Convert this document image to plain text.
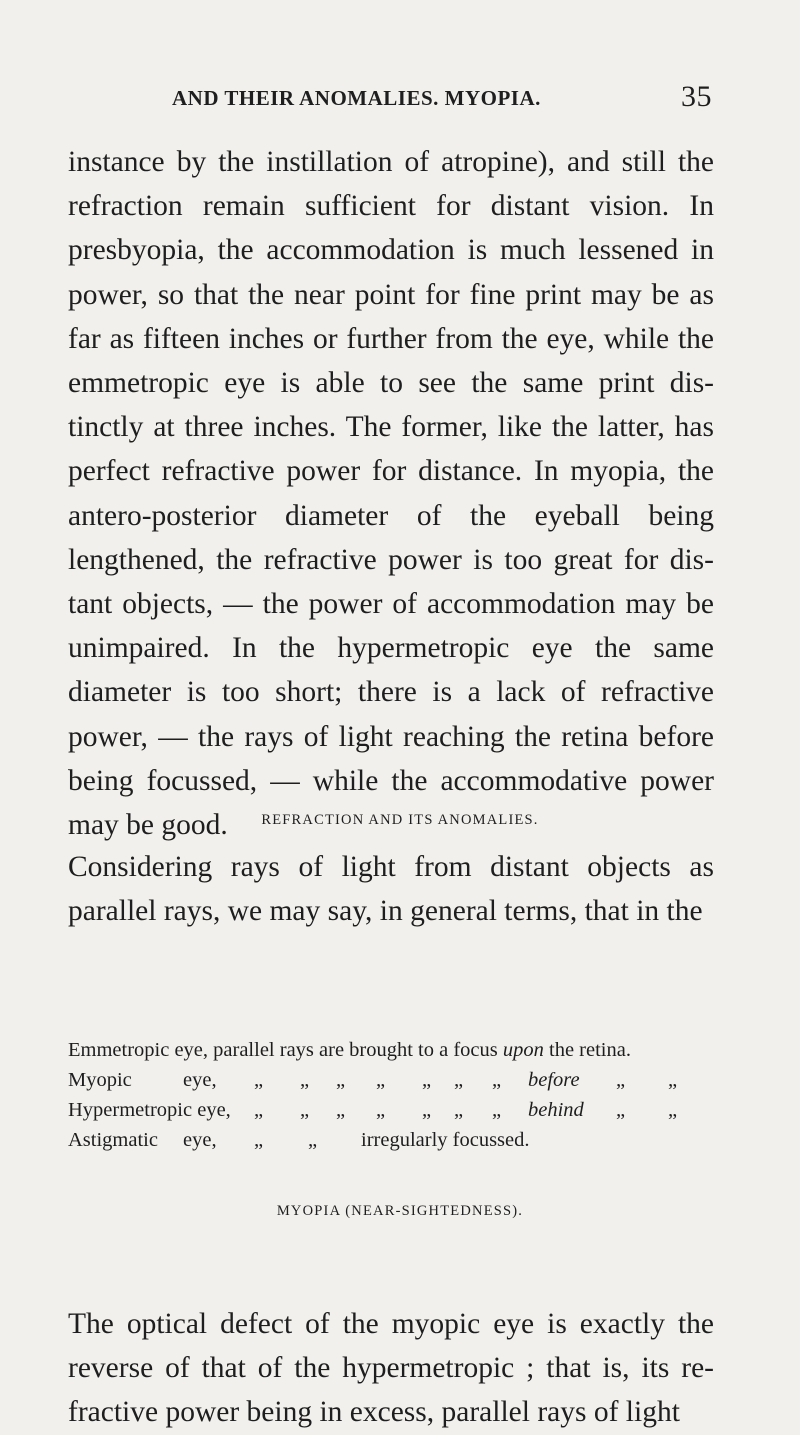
AND THEIR ANOMALIES. MYOPIA.	35

instance by the instillation of atropine), and still the refraction remain sufficient for distant vision. In presbyopia, the accommodation is much lessened in power, so that the near point for fine print may be as far as fifteen inches or further from the eye, while the emmetropic eye is able to see the same print dis- tinctly at three inches. The former, like the latter, has perfect refractive power for distance. In myopia, the antero-posterior diameter of the eyeball being lengthened, the refractive power is too great for dis- tant objects, — the power of accommodation may be unimpaired. In the hypermetropic eye the same diameter is too short; there is a lack of refractive power, — the rays of light reaching the retina before being focussed, — while the accommodative power may be good.	REFRACTION AND ITS ANOMALIES.

Considering rays of light from distant objects as parallel rays, we may say, in general terms, that in the

Emmetropic eye, parallel rays are brought to a focus upon the retina.
Myopic eye, „ „ „ „ „ „ „ before „ „
Hypermetropic eye, „ „ „ „ „ „ „ behind „ „
Astigmatic eye, „ „ irregularly focussed.
MYOPIA (NEAR-SIGHTEDNESS).

The optical defect of the myopic eye is exactly the reverse of that of the hypermetropic ; that is, its re- fractive power being in excess, parallel rays of light
